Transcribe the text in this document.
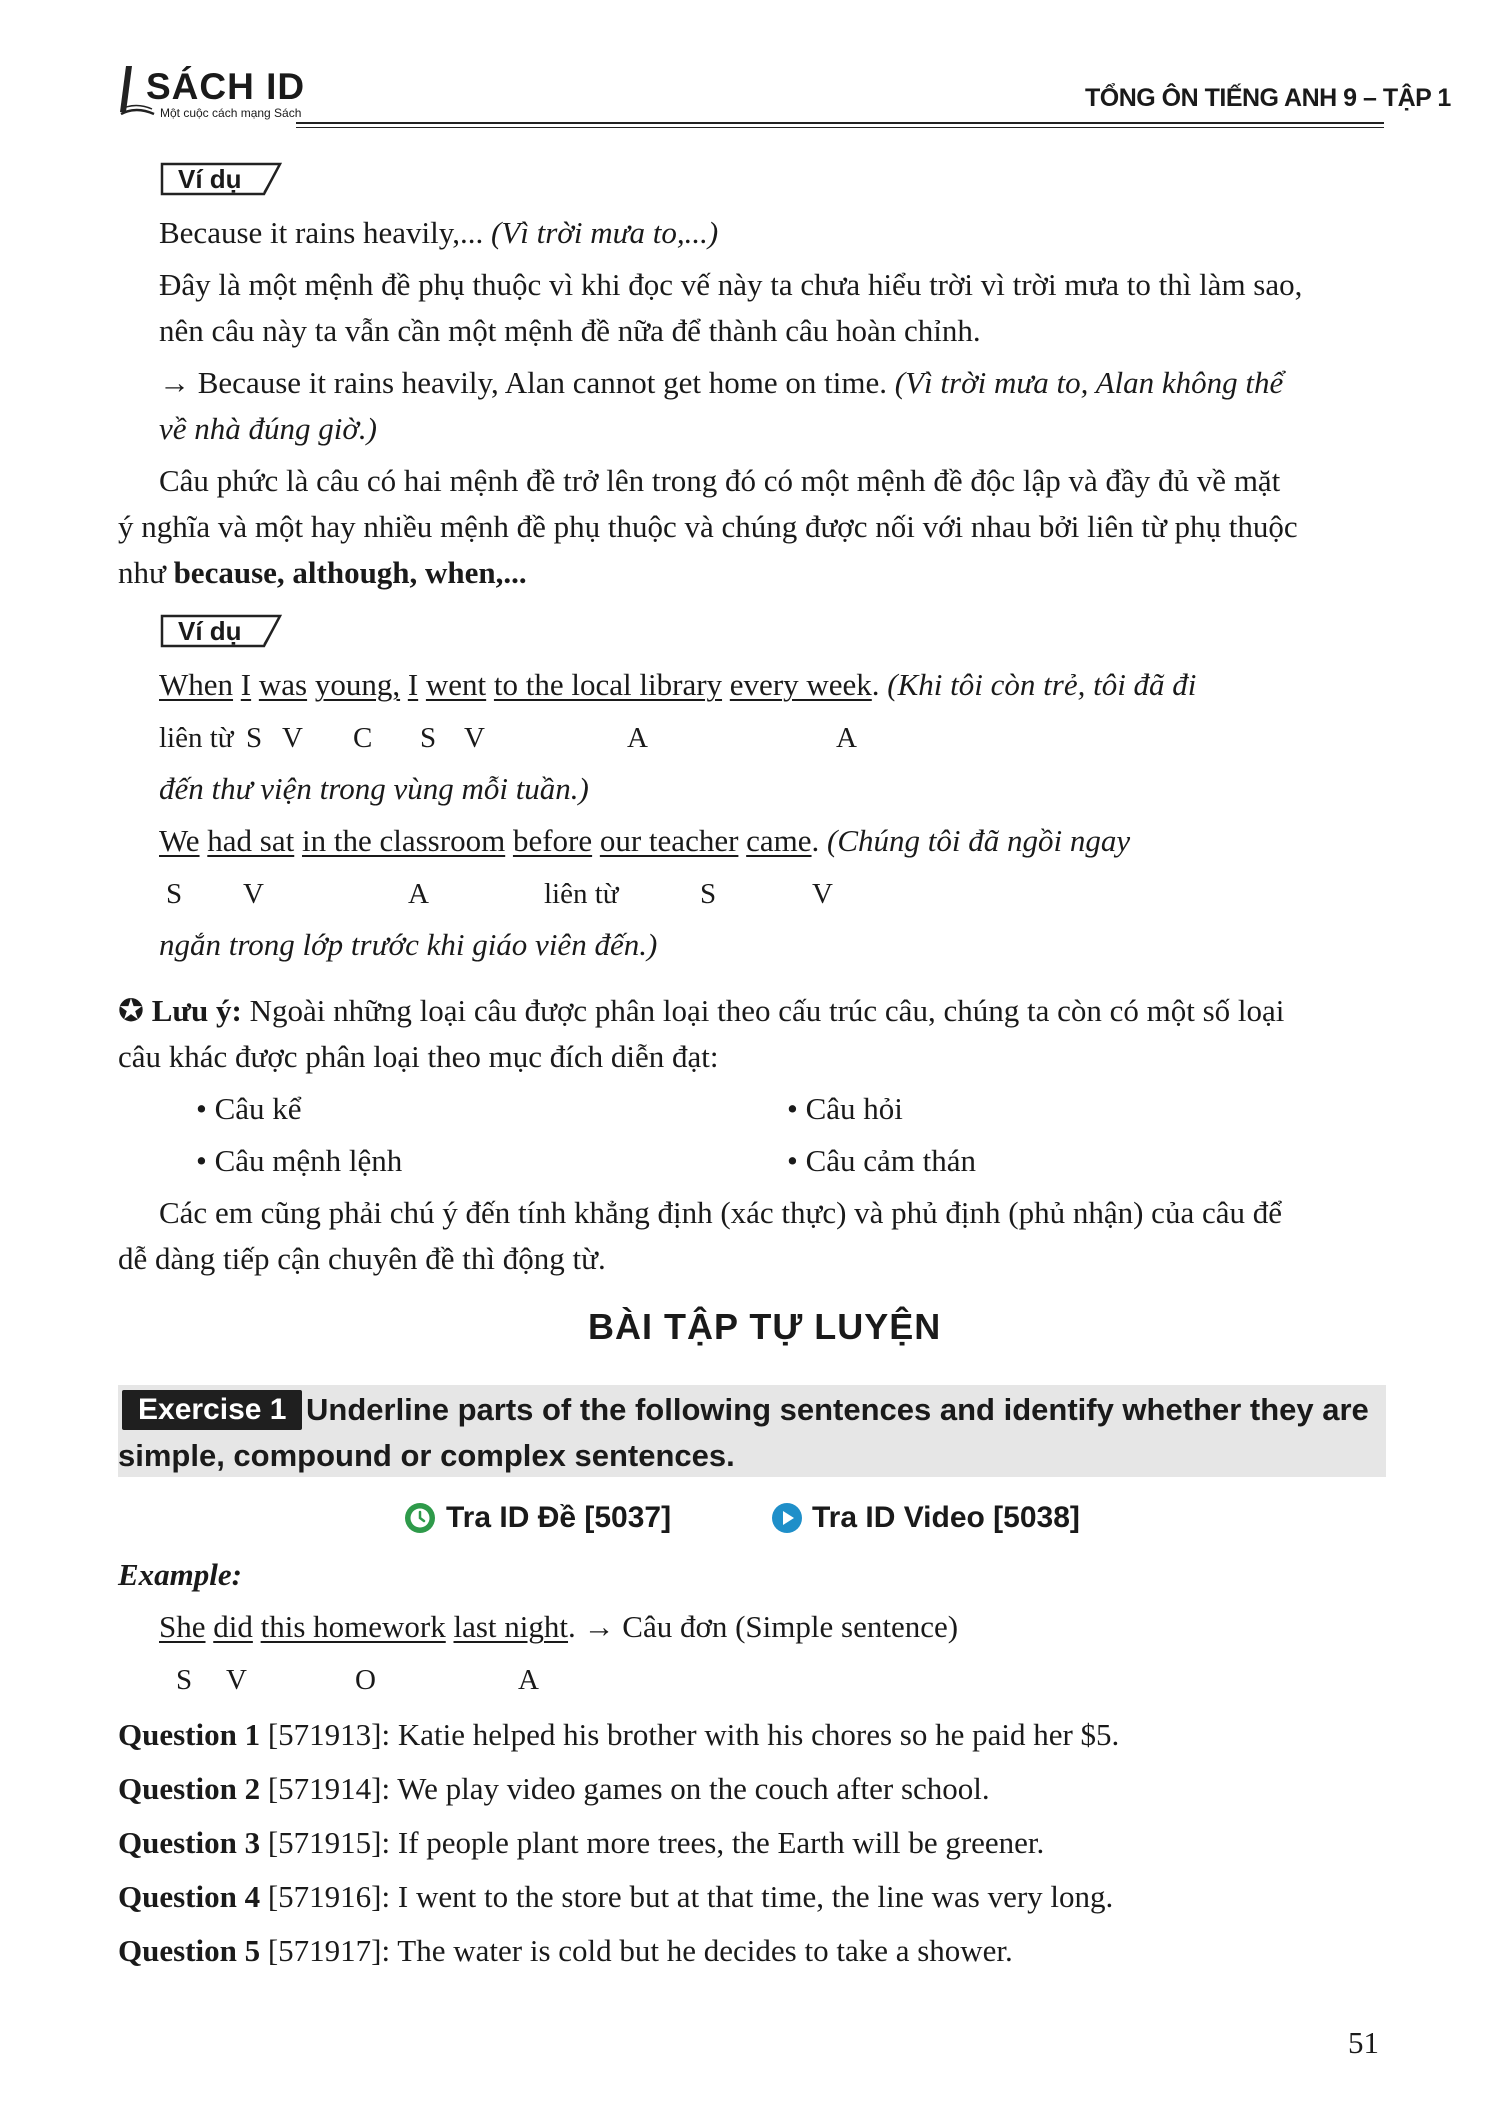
SÁCH ID
Một cuộc cách mạng Sách
TỔNG ÔN TIẾNG ANH 9 – TẬP 1
Ví dụ
Because it rains heavily,... (Vì trời mưa to,...)
Đây là một mệnh đề phụ thuộc vì khi đọc vế này ta chưa hiểu trời vì trời mưa to thì làm sao,
nên câu này ta vẫn cần một mệnh đề nữa để thành câu hoàn chỉnh.
→ Because it rains heavily, Alan cannot get home on time. (Vì trời mưa to, Alan không thể
về nhà đúng giờ.)
Câu phức là câu có hai mệnh đề trở lên trong đó có một mệnh đề độc lập và đầy đủ về mặt
ý nghĩa và một hay nhiều mệnh đề phụ thuộc và chúng được nối với nhau bởi liên từ phụ thuộc
như because, although, when,...
Ví dụ
When I was young, I went to the local library every week. (Khi tôi còn trẻ, tôi đã đi
liên từ S V C S V	A	A
đến thư viện trong vùng mỗi tuần.)
We had sat in the classroom before our teacher came. (Chúng tôi đã ngồi ngay
S V	A	liên từ	S	V
ngắn trong lớp trước khi giáo viên đến.)
✪ Lưu ý: Ngoài những loại câu được phân loại theo cấu trúc câu, chúng ta còn có một số loại
câu khác được phân loại theo mục đích diễn đạt:
• Câu kể	• Câu hỏi
• Câu mệnh lệnh	• Câu cảm thán
Các em cũng phải chú ý đến tính khẳng định (xác thực) và phủ định (phủ nhận) của câu để
dễ dàng tiếp cận chuyên đề thì động từ.
BÀI TẬP TỰ LUYỆN
Exercise 1 Underline parts of the following sentences and identify whether they are
simple, compound or complex sentences.
Tra ID Đề [5037]	Tra ID Video [5038]
Example:
She did this homework last night. → Câu đơn (Simple sentence)
S V	O	A
Question 1 [571913]: Katie helped his brother with his chores so he paid her $5.
Question 2 [571914]: We play video games on the couch after school.
Question 3 [571915]: If people plant more trees, the Earth will be greener.
Question 4 [571916]: I went to the store but at that time, the line was very long.
Question 5 [571917]: The water is cold but he decides to take a shower.
51
